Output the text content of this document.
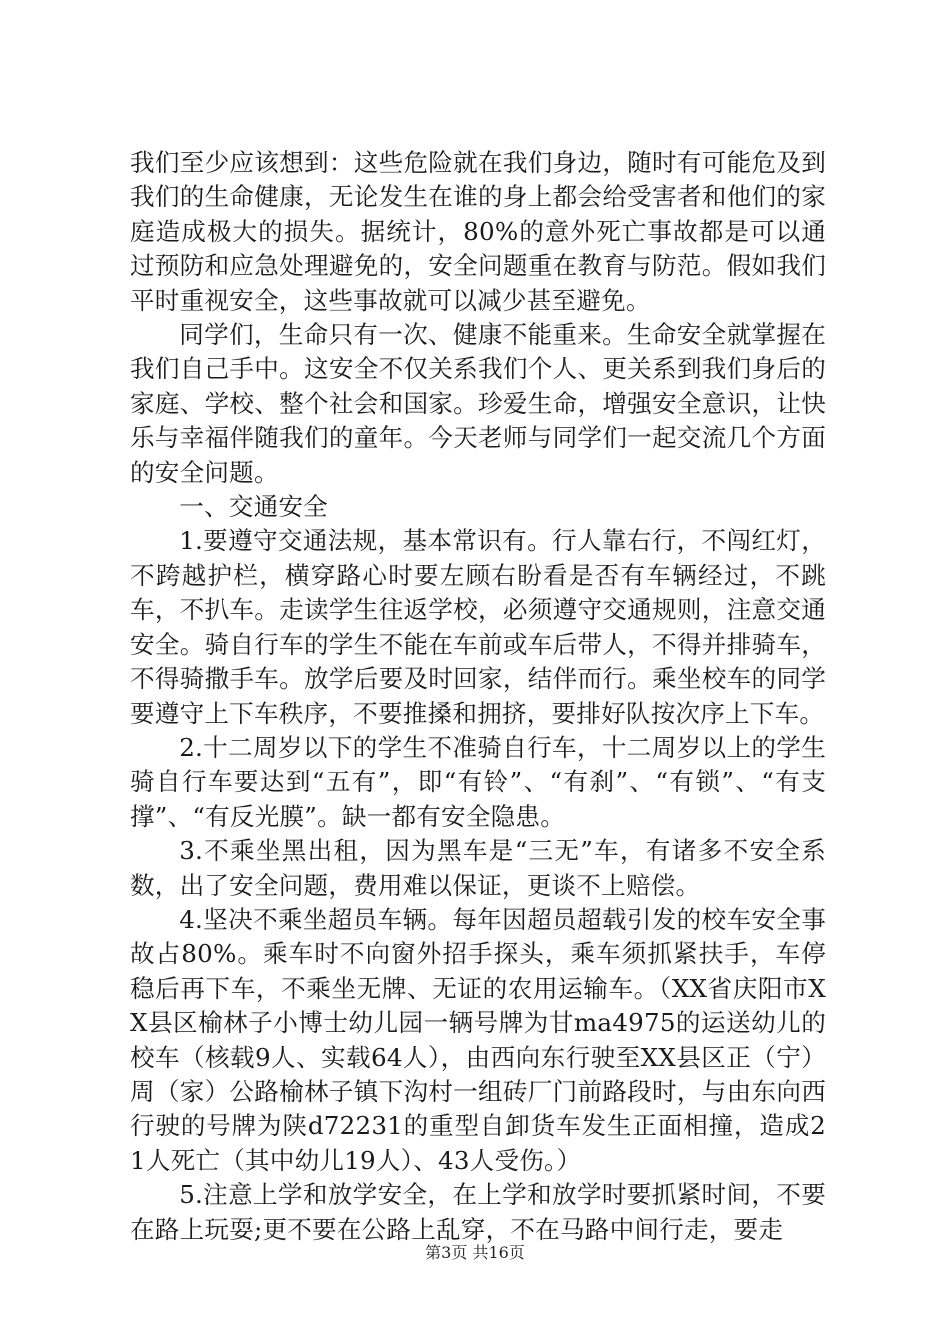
我们至少应该想到：这些危险就在我们身边，随时有可能危及到我们的生命健康，无论发生在谁的身上都会给受害者和他们的家庭造成极大的损失。据统计，80%的意外死亡事故都是可以通过预防和应急处理避免的，安全问题重在教育与防范。假如我们平时重视安全，这些事故就可以减少甚至避免。

同学们，生命只有一次、健康不能重来。生命安全就掌握在我们自己手中。这安全不仅关系我们个人、更关系到我们身后的家庭、学校、整个社会和国家。珍爱生命，增强安全意识，让快乐与幸福伴随我们的童年。今天老师与同学们一起交流几个方面的安全问题。

一、交通安全

1.要遵守交通法规，基本常识有。行人靠右行，不闯红灯，不跨越护栏，横穿路心时要左顾右盼看是否有车辆经过，不跳车，不扒车。走读学生往返学校，必须遵守交通规则，注意交通安全。骑自行车的学生不能在车前或车后带人，不得并排骑车，不得骑撒手车。放学后要及时回家，结伴而行。乘坐校车的同学要遵守上下车秩序，不要推搡和拥挤，要排好队按次序上下车。

2.十二周岁以下的学生不准骑自行车，十二周岁以上的学生骑自行车要达到“五有”，即“有铃”、“有刹”、“有锁”、“有支撑”、“有反光膜”。缺一都有安全隐患。

3.不乘坐黑出租，因为黑车是“三无”车，有诸多不安全系数，出了安全问题，费用难以保证，更谈不上赔偿。

4.坚决不乘坐超员车辆。每年因超员超载引发的校车安全事故占80%。乘车时不向窗外招手探头，乘车须抓紧扶手，车停稳后再下车，不乘坐无牌、无证的农用运输车。（XX省庆阳市XX县区榆林子小博士幼儿园一辆号牌为甘ma4975的运送幼儿的校车（核载9人、实载64人），由西向东行驶至XX县区正（宁）周（家）公路榆林子镇下沟村一组砖厂门前路段时，与由东向西行驶的号牌为陕d72231的重型自卸货车发生正面相撞，造成21人死亡（其中幼儿19人）、43人受伤。）

5.注意上学和放学安全，在上学和放学时要抓紧时间，不要在路上玩耍;更不要在公路上乱穿，不在马路中间行走，要走

第3页 共16页
